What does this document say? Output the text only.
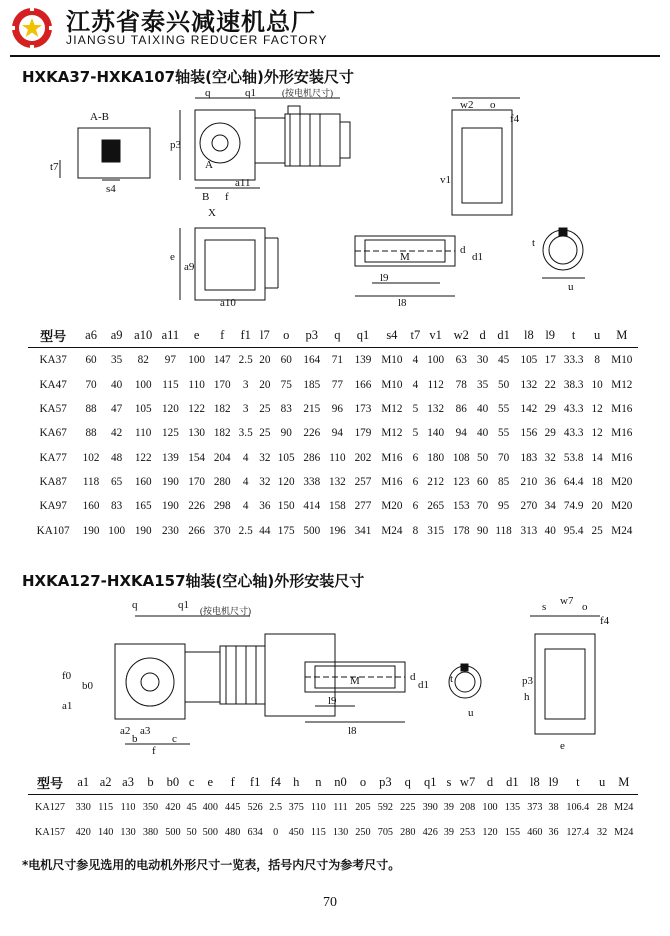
江苏省泰兴减速机总厂
JIANGSU TAIXING REDUCER FACTORY
HXKA37-HXKA107轴装(空心轴)外形安装尺寸
A-B
t7
s4
q	q1	(按电机尺寸)
p3
A
B
a11
f
X
e
a9
a10
w2 o
f4
v1
M
d
d1
l9
l8
t
u
型号	a6	a9	a10	a11	e	f	f1	l7	o	p3	q	q1	s4	t7	v1	w2	d	d1	l8	l9	t	u	M
KA37	60	35	82	97	100	147	2.5	20	60	164	71	139	M10	4	100	63	30	45	105	17	33.3	8	M10
KA47	70	40	100	115	110	170	3	20	75	185	77	166	M10	4	112	78	35	50	132	22	38.3	10	M12
KA57	88	47	105	120	122	182	3	25	83	215	96	173	M12	5	132	86	40	55	142	29	43.3	12	M16
KA67	88	42	110	125	130	182	3.5	25	90	226	94	179	M12	5	140	94	40	55	156	29	43.3	12	M16
KA77	102	48	122	139	154	204	4	32	105	286	110	202	M16	6	180	108	50	70	183	32	53.8	14	M16
KA87	118	65	160	190	170	280	4	32	120	338	132	257	M16	6	212	123	60	85	210	36	64.4	18	M20
KA97	160	83	165	190	226	298	4	36	150	414	158	277	M20	6	265	153	70	95	270	34	74.9	20	M20
KA107	190	100	190	230	266	370	2.5	44	175	500	196	341	M24	8	315	178	90	118	313	40	95.4	25	M24
HXKA127-HXKA157轴装(空心轴)外形安装尺寸
q	q1 (按电机尺寸)
f0
b0
a1
a2 a3
f
b	c
M	d
d1
l9
l8
t
u
s w7 o
f4
p3
h
e
型号	a1	a2	a3	b	b0	c	e	f	f1	f4	h	n	n0	o	p3	q	q1	s	w7	d	d1	l8	l9	t	u	M
KA127	330	115	110	350	420	45	400	445	526	2.5	375	110	111	205	592	225	390	39	208	100	135	373	38	106.4	28	M24
KA157	420	140	130	380	500	50	500	480	634	0	450	115	130	250	705	280	426	39	253	120	155	460	36	127.4	32	M24
*电机尺寸参见选用的电动机外形尺寸一览表，括号内尺寸为参考尺寸。
70
